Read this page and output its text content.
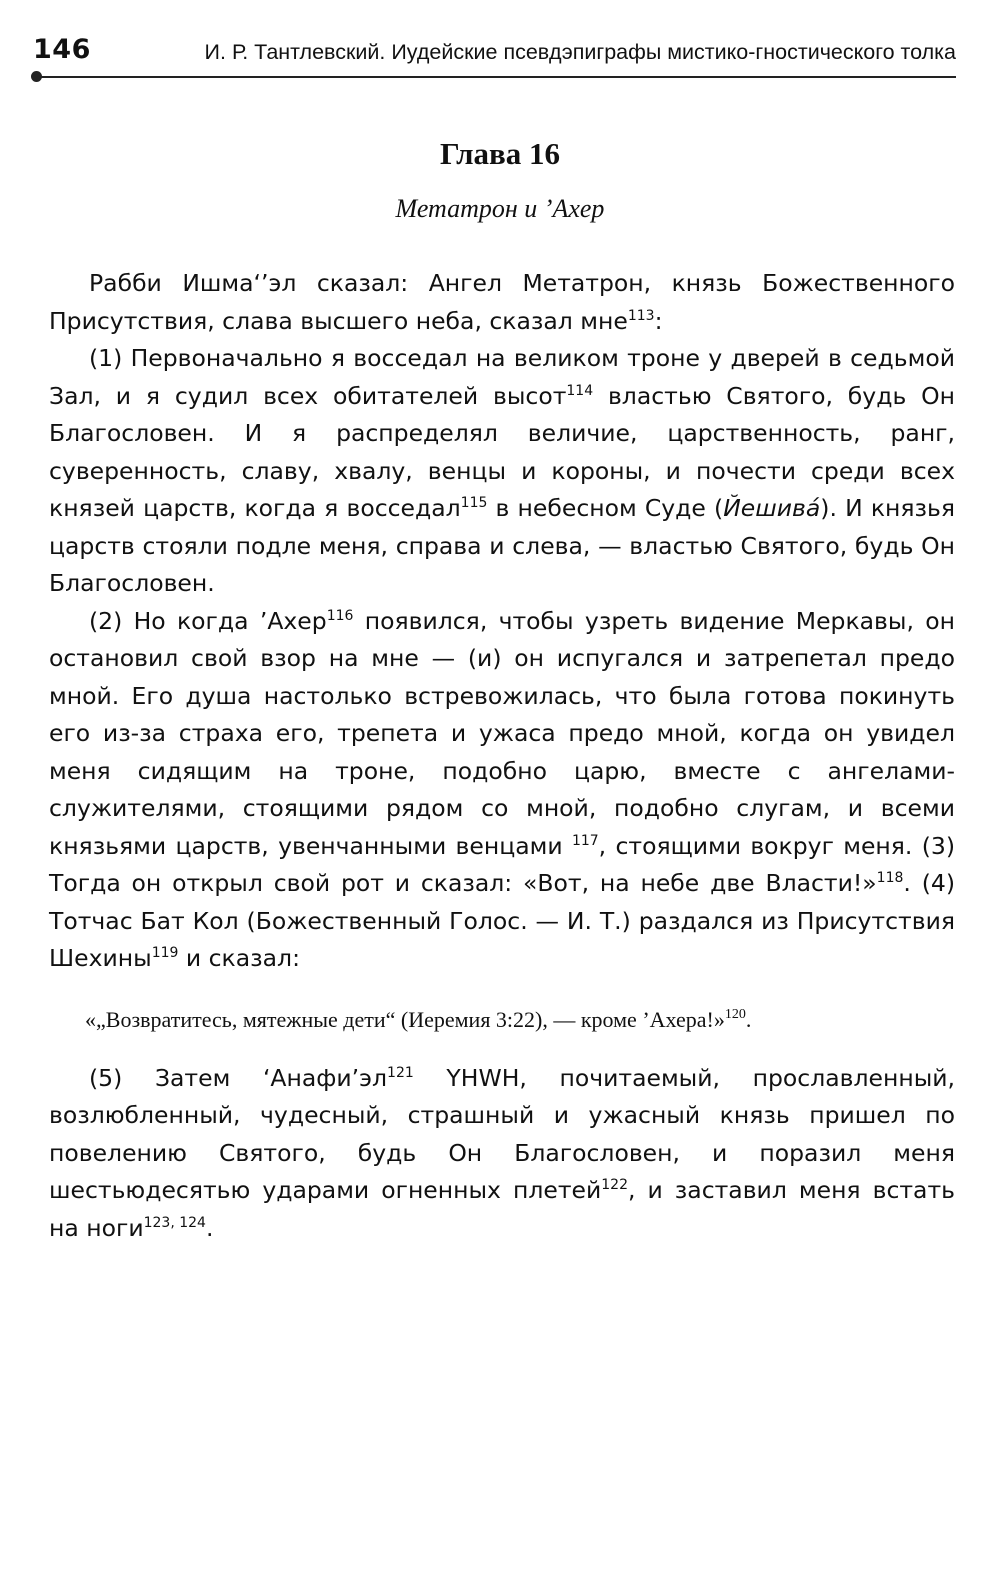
146	И. Р. Тантлевский. Иудейские псевдэпиграфы мистико-гностического толка
Глава 16
Метатрон и ’Ахер

Рабби Ишма‘’эл сказал: Ангел Метатрон, князь Божественного Присутствия, слава высшего неба, сказал мне$^{113}$:

(1) Первоначально я восседал на великом троне у дверей в седьмой Зал, и я судил всех обитателей высот$^{114}$ властью Святого, будь Он Благословен. И я распределял величие, царственность, ранг, суверенность, славу, хвалу, венцы и короны, и почести среди всех князей царств, когда я восседал$^{115}$ в небесном Суде (Йешивá). И князья царств стояли подле меня, справа и слева, — властью Святого, будь Он Благословен.

(2) Но когда ’Ахер$^{116}$ появился, чтобы узреть видение Меркавы, он остановил свой взор на мне — (и) он испугался и затрепетал предо мной. Его душа настолько встревожилась, что была готова покинуть его из-за страха его, трепета и ужаса предо мной, когда он увидел меня сидящим на троне, подобно царю, вместе с ангелами-служителями, стоящими рядом со мной, подобно слугам, и всеми князьями царств, увенчанными венцами $^{117}$, стоящими вокруг меня. (3) Тогда он открыл свой рот и сказал: «Вот, на небе две Власти!»$^{118}$. (4) Тотчас Бат Кол (Божественный Голос. — И. Т.) раздался из Присутствия Шехины$^{119}$ и сказал:

«„Возвратитесь, мятежные дети“ (Иеремия 3:22), — кроме ’Ахера!»$^{120}$.

(5) Затем ‘$Анафи’эл^{121}$ YHWH, почитаемый, прославленный, возлюбленный, чудесный, страшный и ужасный князь пришел по повелению Святого, будь Он Благословен, и поразил меня шестьюдесятью ударами огненных плетей$^{122}$, и заставил меня встать на ноги$^{123, 124}$.
